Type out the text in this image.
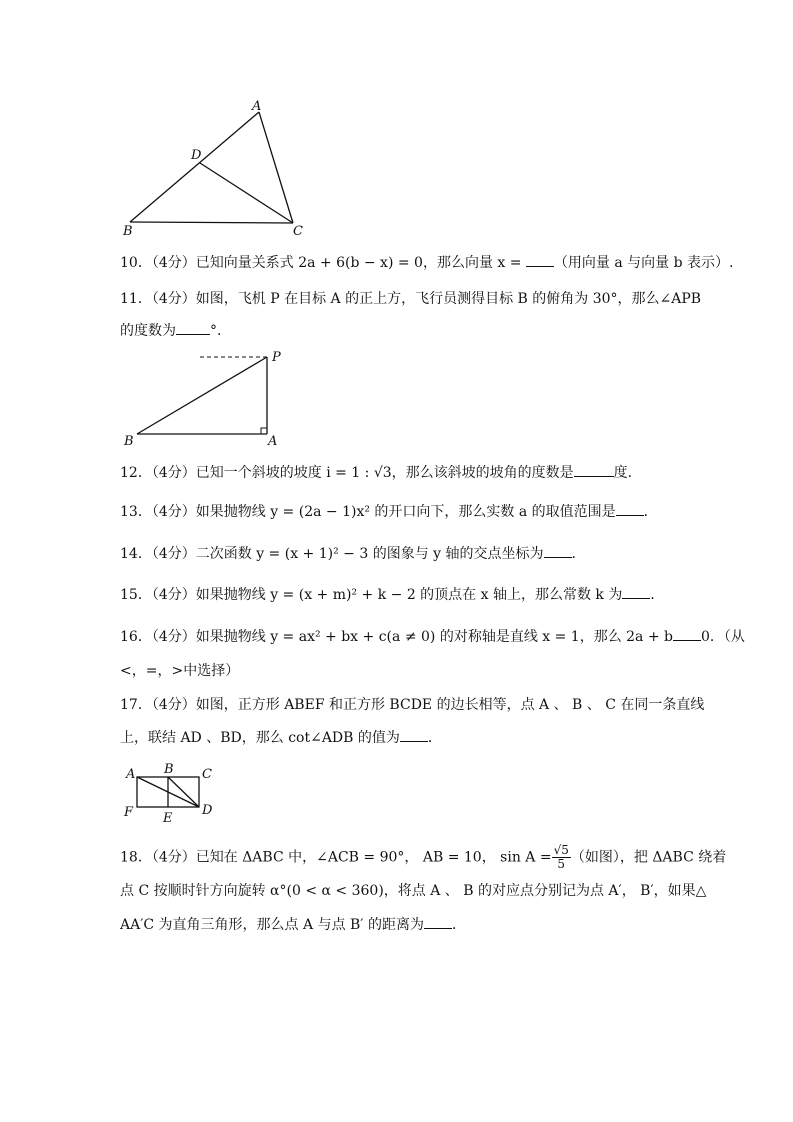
A
D
B	C
10．（4分）已知向量关系式 2a + 6(b − x) = 0，那么向量 x = （用向量 a 与向量 b 表示）.
11．（4分）如图，飞机 P 在目标 A 的正上方，飞行员测得目标 B 的俯角为 30°，那么∠APB
的度数为 °．
P
B	A
12．（4分）已知一个斜坡的坡度 i = 1 : √3，那么该斜坡的坡角的度数是	度.
13．（4分）如果抛物线 y = (2a − 1)x² 的开口向下，那么实数 a 的取值范围是 ．
14．（4分）二次函数 y = (x + 1)² − 3 的图象与 y 轴的交点坐标为 ．
15．（4分）如果抛物线 y = (x + m)² + k − 2 的顶点在 x 轴上，那么常数 k 为 ．
16．（4分）如果抛物线 y = ax² + bx + c(a ≠ 0) 的对称轴是直线 x = 1，那么 2a + b 0．（从
<，=，>中选择）
17．（4分）如图，正方形 ABEF 和正方形 BCDE 的边长相等，点 A 、 B 、 C 在同一条直线
上，联结 AD 、BD，那么 cot∠ADB 的值为 ．
A B C
F E
D
18．（4分）已知在 ΔABC 中，∠ACB = 90°， AB = 10， $\sin A = \frac{√5}{5}$ （如图），把 ΔABC 绕着
点 C 按顺时针方向旋转 α°(0 < α < 360)，将点 A 、 B 的对应点分别记为点 A′， B′，如果△
AA′C 为直角三角形，那么点 A 与点 B′ 的距离为 ．
